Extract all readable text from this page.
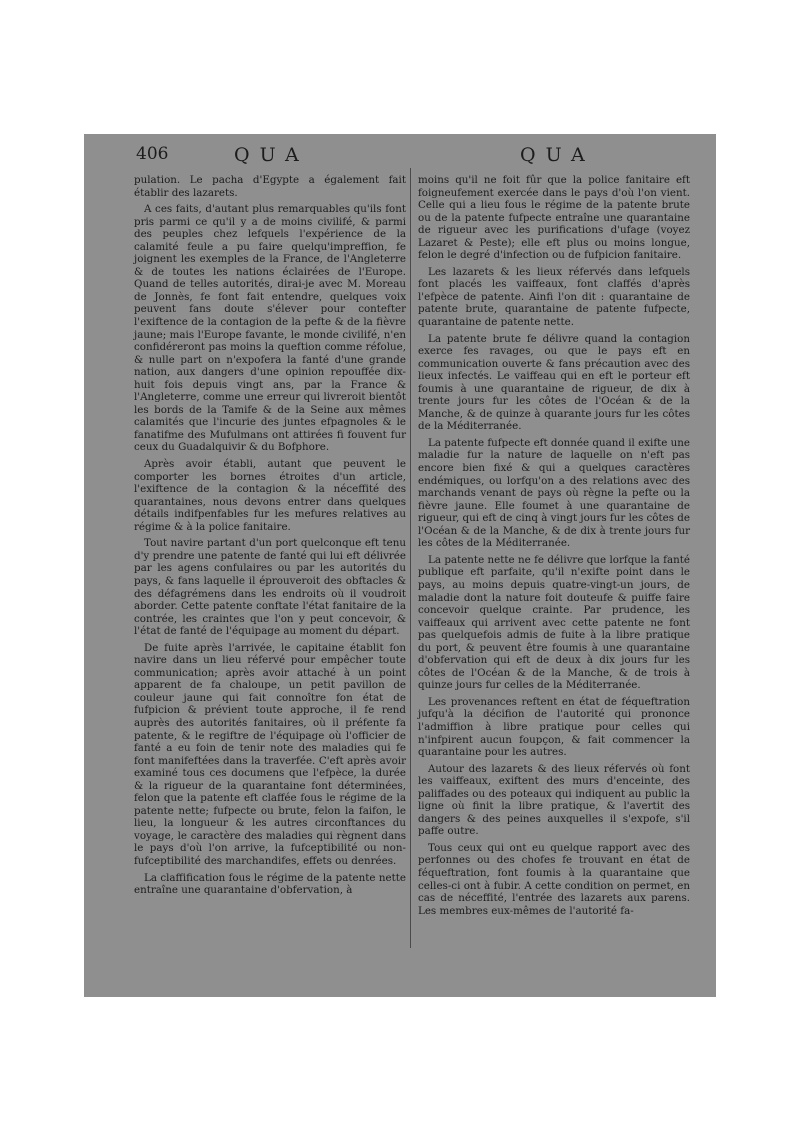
406	QUA	QUA

pulation. Le pacha d'Egypte a également fait établir des lazarets.

A ces faits, d'autant plus remarquables qu'ils font pris parmi ce qu'il y a de moins civilifé, & parmi des peuples chez lefquels l'expérience de la calamité feule a pu faire quelqu'impreffion, fe joignent les exemples de la France, de l'Angleterre & de toutes les nations éclairées de l'Europe. Quand de telles autorités, dirai-je avec M. Moreau de Jonnès, fe font fait entendre, quelques voix peuvent fans doute s'élever pour contefter l'exiftence de la contagion de la pefte & de la fièvre jaune; mais l'Europe favante, le monde civilifé, n'en confidéreront pas moins la queftion comme réfolue, & nulle part on n'expofera la fanté d'une grande nation, aux dangers d'une opinion repouffée dix-huit fois depuis vingt ans, par la France & l'Angleterre, comme une erreur qui livreroit bientôt les bords de la Tamife & de la Seine aux mêmes calamités que l'incurie des juntes efpagnoles & le fanatifme des Mufulmans ont attirées fi fouvent fur ceux du Guadalquivir & du Bofphore.

Après avoir établi, autant que peuvent le comporter les bornes étroites d'un article, l'exiftence de la contagion & la néceffité des quarantaines, nous devons entrer dans quelques détails indifpenfables fur les mefures relatives au régime & à la police fanitaire.

Tout navire partant d'un port quelconque eft tenu d'y prendre une patente de fanté qui lui eft délivrée par les agens confulaires ou par les autorités du pays, & fans laquelle il éprouveroit des obftacles & des défagrémens dans les endroits où il voudroit aborder. Cette patente conftate l'état fanitaire de la contrée, les craintes que l'on y peut concevoir, & l'état de fanté de l'équipage au moment du départ.

De fuite après l'arrivée, le capitaine établit fon navire dans un lieu réfervé pour empêcher toute communication; après avoir attaché à un point apparent de fa chaloupe, un petit pavillon de couleur jaune qui fait connoître fon état de fufpicion & prévient toute approche, il fe rend auprès des autorités fanitaires, où il préfente fa patente, & le regiftre de l'équipage où l'officier de fanté a eu foin de tenir note des maladies qui fe font manifeftées dans la traverfée. C'eft après avoir examiné tous ces documens que l'efpèce, la durée & la rigueur de la quarantaine font déterminées, felon que la patente eft claffée fous le régime de la patente nette; fufpecte ou brute, felon la faifon, le lieu, la longueur & les autres circonftances du voyage, le caractère des maladies qui règnent dans le pays d'où l'on arrive, la fufceptibilité ou non-fufceptibilité des marchandifes, effets ou denrées.

La claffification fous le régime de la patente nette entraîne une quarantaine d'obfervation, à

moins qu'il ne foit fûr que la police fanitaire eft foigneufement exercée dans le pays d'où l'on vient. Celle qui a lieu fous le régime de la patente brute ou de la patente fufpecte entraîne une quarantaine de rigueur avec les purifications d'ufage (voyez Lazaret & Peste); elle eft plus ou moins longue, felon le degré d'infection ou de fufpicion fanitaire.

Les lazarets & les lieux réfervés dans lefquels font placés les vaiffeaux, font claffés d'après l'efpèce de patente. Ainfi l'on dit : quarantaine de patente brute, quarantaine de patente fufpecte, quarantaine de patente nette.

La patente brute fe délivre quand la contagion exerce fes ravages, ou que le pays eft en communication ouverte & fans précaution avec des lieux infectés. Le vaiffeau qui en eft le porteur eft foumis à une quarantaine de rigueur, de dix à trente jours fur les côtes de l'Océan & de la Manche, & de quinze à quarante jours fur les côtes de la Méditerranée.

La patente fufpecte eft donnée quand il exifte une maladie fur la nature de laquelle on n'eft pas encore bien fixé & qui a quelques caractères endémiques, ou lorfqu'on a des relations avec des marchands venant de pays où règne la pefte ou la fièvre jaune. Elle foumet à une quarantaine de rigueur, qui eft de cinq à vingt jours fur les côtes de l'Océan & de la Manche, & de dix à trente jours fur les côtes de la Méditerranée.

La patente nette ne fe délivre que lorfque la fanté publique eft parfaite, qu'il n'exifte point dans le pays, au moins depuis quatre-vingt-un jours, de maladie dont la nature foit douteufe & puiffe faire concevoir quelque crainte. Par prudence, les vaiffeaux qui arrivent avec cette patente ne font pas quelquefois admis de fuite à la libre pratique du port, & peuvent être foumis à une quarantaine d'obfervation qui eft de deux à dix jours fur les côtes de l'Océan & de la Manche, & de trois à quinze jours fur celles de la Méditerranée.

Les provenances reftent en état de féqueftration jufqu'à la décifion de l'autorité qui prononce l'admiffion à libre pratique pour celles qui n'infpirent aucun foupçon, & fait commencer la quarantaine pour les autres.

Autour des lazarets & des lieux réfervés où font les vaiffeaux, exiftent des murs d'enceinte, des paliffades ou des poteaux qui indiquent au public la ligne où finit la libre pratique, & l'avertit des dangers & des peines auxquelles il s'expofe, s'il paffe outre.

Tous ceux qui ont eu quelque rapport avec des perfonnes ou des chofes fe trouvant en état de féqueftration, font foumis à la quarantaine que celles-ci ont à fubir. A cette condition on permet, en cas de néceffité, l'entrée des lazarets aux parens. Les membres eux-mêmes de l'autorité fa-
